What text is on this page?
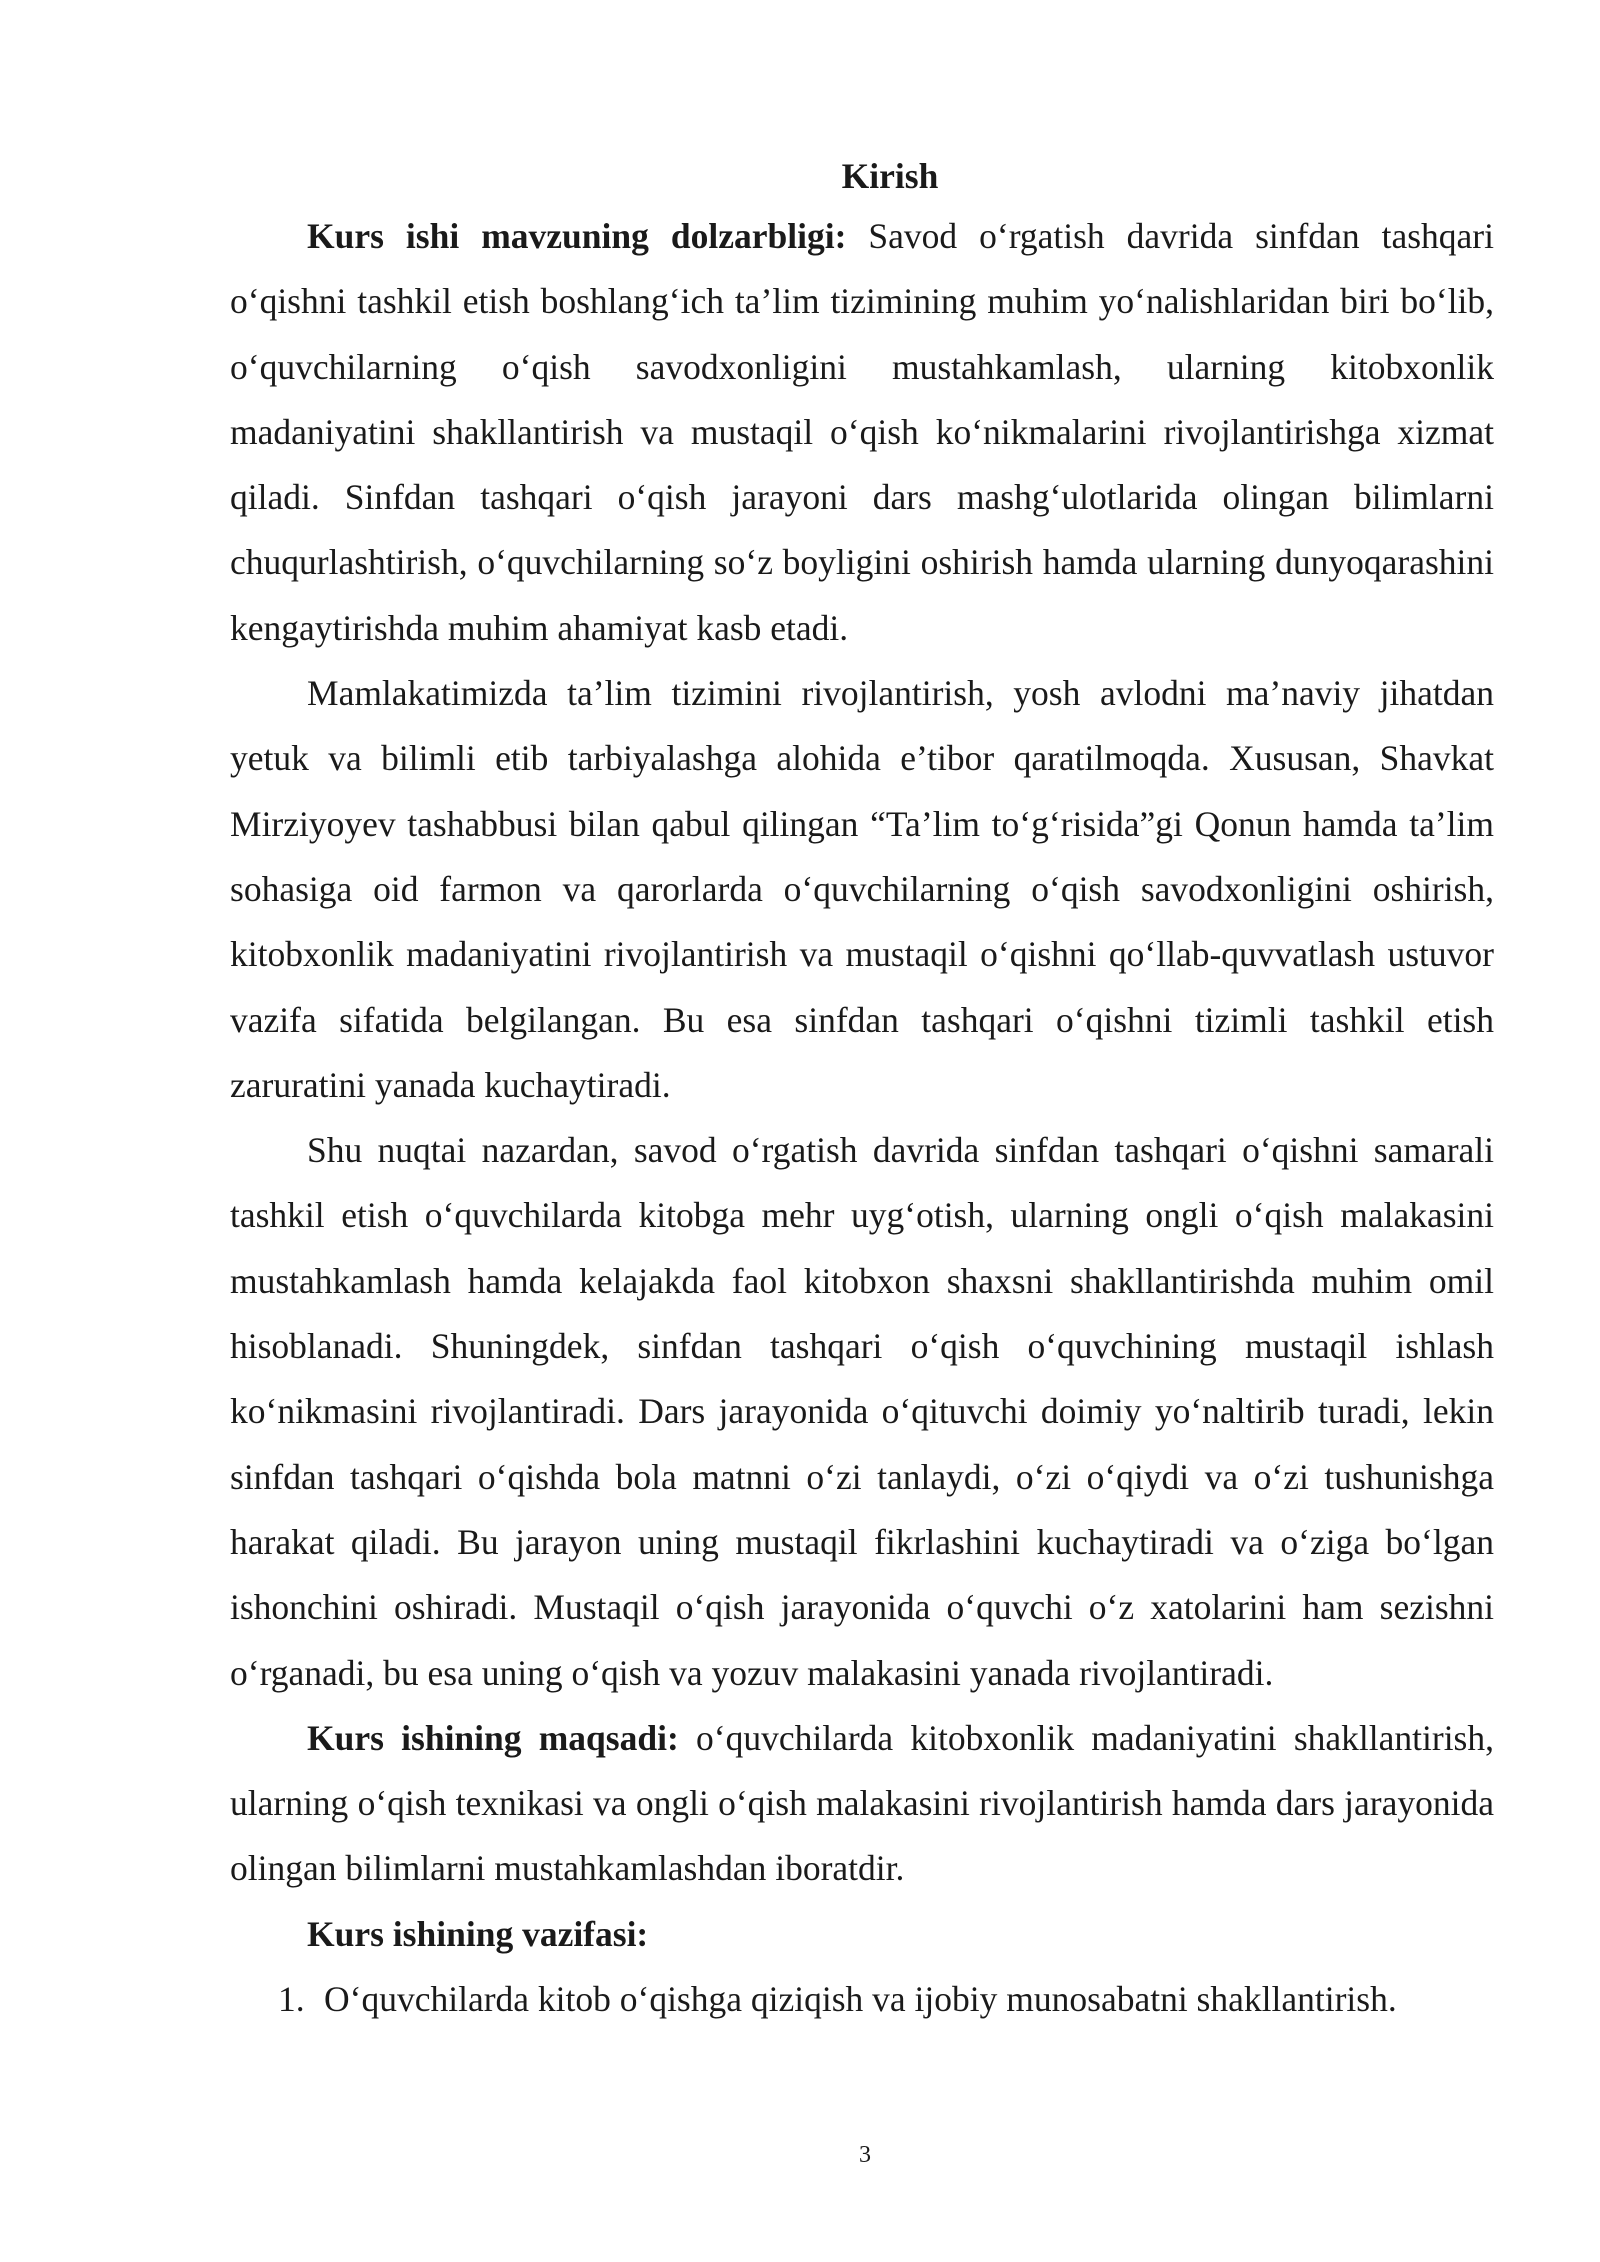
Kirish

Kurs ishi mavzuning dolzarbligi: Savod o‘rgatish davrida sinfdan tashqari o‘qishni tashkil etish boshlang‘ich ta’lim tizimining muhim yo‘nalishlaridan biri bo‘lib, o‘quvchilarning o‘qish savodxonligini mustahkamlash, ularning kitobxonlik madaniyatini shakllantirish va mustaqil o‘qish ko‘nikmalarini rivojlantirishga xizmat qiladi. Sinfdan tashqari o‘qish jarayoni dars mashg‘ulotlarida olingan bilimlarni chuqurlashtirish, o‘quvchilarning so‘z boyligini oshirish hamda ularning dunyoqarashini kengaytirishda muhim ahamiyat kasb etadi.

Mamlakatimizda ta’lim tizimini rivojlantirish, yosh avlodni ma’naviy jihatdan yetuk va bilimli etib tarbiyalashga alohida e’tibor qaratilmoqda. Xususan, Shavkat Mirziyoyev tashabbusi bilan qabul qilingan “Ta’lim to‘g‘risida”gi Qonun hamda ta’lim sohasiga oid farmon va qarorlarda o‘quvchilarning o‘qish savodxonligini oshirish, kitobxonlik madaniyatini rivojlantirish va mustaqil o‘qishni qo‘llab-quvvatlash ustuvor vazifa sifatida belgilangan. Bu esa sinfdan tashqari o‘qishni tizimli tashkil etish zaruratini yanada kuchaytiradi.

Shu nuqtai nazardan, savod o‘rgatish davrida sinfdan tashqari o‘qishni samarali tashkil etish o‘quvchilarda kitobga mehr uyg‘otish, ularning ongli o‘qish malakasini mustahkamlash hamda kelajakda faol kitobxon shaxsni shakllantirishda muhim omil hisoblanadi. Shuningdek, sinfdan tashqari o‘qish o‘quvchining mustaqil ishlash ko‘nikmasini rivojlantiradi. Dars jarayonida o‘qituvchi doimiy yo‘naltirib turadi, lekin sinfdan tashqari o‘qishda bola matnni o‘zi tanlaydi, o‘zi o‘qiydi va o‘zi tushunishga harakat qiladi. Bu jarayon uning mustaqil fikrlashini kuchaytiradi va o‘ziga bo‘lgan ishonchini oshiradi. Mustaqil o‘qish jarayonida o‘quvchi o‘z xatolarini ham sezishni o‘rganadi, bu esa uning o‘qish va yozuv malakasini yanada rivojlantiradi.

Kurs ishining maqsadi: o‘quvchilarda kitobxonlik madaniyatini shakllantirish, ularning o‘qish texnikasi va ongli o‘qish malakasini rivojlantirish hamda dars jarayonida olingan bilimlarni mustahkamlashdan iboratdir.

Kurs ishining vazifasi:

1. O‘quvchilarda kitob o‘qishga qiziqish va ijobiy munosabatni shakllantirish.

3
